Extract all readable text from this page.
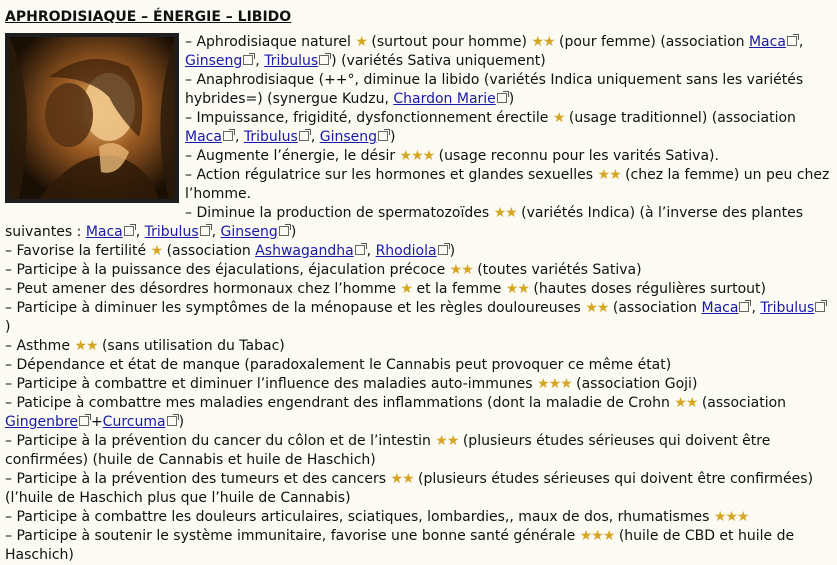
APHRODISIAQUE – ÉNERGIE – LIBIDO

– Aphrodisiaque naturel ★ (surtout pour homme) ★★ (pour femme) (association Maca , Ginseng , Tribulus ) (variétés Sativa uniquement)

– Anaphrodisiaque (++°, diminue la libido (variétés Indica uniquement sans les variétés hybrides=) (synergue Kudzu, Chardon Marie )

– Impuissance, frigidité, dysfonctionnement érectile ★ (usage traditionnel) (association Maca , Tribulus , Ginseng )

– Augmente l’énergie, le désir ★★★ (usage reconnu pour les varités Sativa).

– Action régulatrice sur les hormones et glandes sexuelles ★★ (chez la femme) un peu chez l’homme.

– Diminue la production de spermatozoïdes ★★ (variétés Indica) (à l’inverse des plantes suivantes : Maca , Tribulus , Ginseng )

– Favorise la fertilité ★ (association Ashwagandha , Rhodiola )

– Participe à la puissance des éjaculations, éjaculation précoce ★★ (toutes variétés Sativa)

– Peut amener des désordres hormonaux chez l’homme ★ et la femme ★★ (hautes doses régulières surtout)

– Participe à diminuer les symptômes de la ménopause et les règles douloureuses ★★ (association Maca , Tribulus)

– Asthme ★★ (sans utilisation du Tabac)

– Dépendance et état de manque (paradoxalement le Cannabis peut provoquer ce même état)

– Participe à combattre et diminuer l’influence des maladies auto-immunes ★★★ (association Goji)

– Paticipe à combattre mes maladies engendrant des inflammations (dont la maladie de Crohn ★★ (association Gingenbre +Curcuma )

– Participe à la prévention du cancer du côlon et de l’intestin ★★ (plusieurs études sérieuses qui doivent être confirmées) (huile de Cannabis et huile de Haschich)

– Participe à la prévention des tumeurs et des cancers ★★ (plusieurs études sérieuses qui doivent être confirmées) (l’huile de Haschich plus que l’huile de Cannabis)

– Participe à combattre les douleurs articulaires, sciatiques, lombardies,, maux de dos, rhumatismes ★★★

– Participe à soutenir le système immunitaire, favorise une bonne santé générale ★★★ (huile de CBD et huile de Haschich)
